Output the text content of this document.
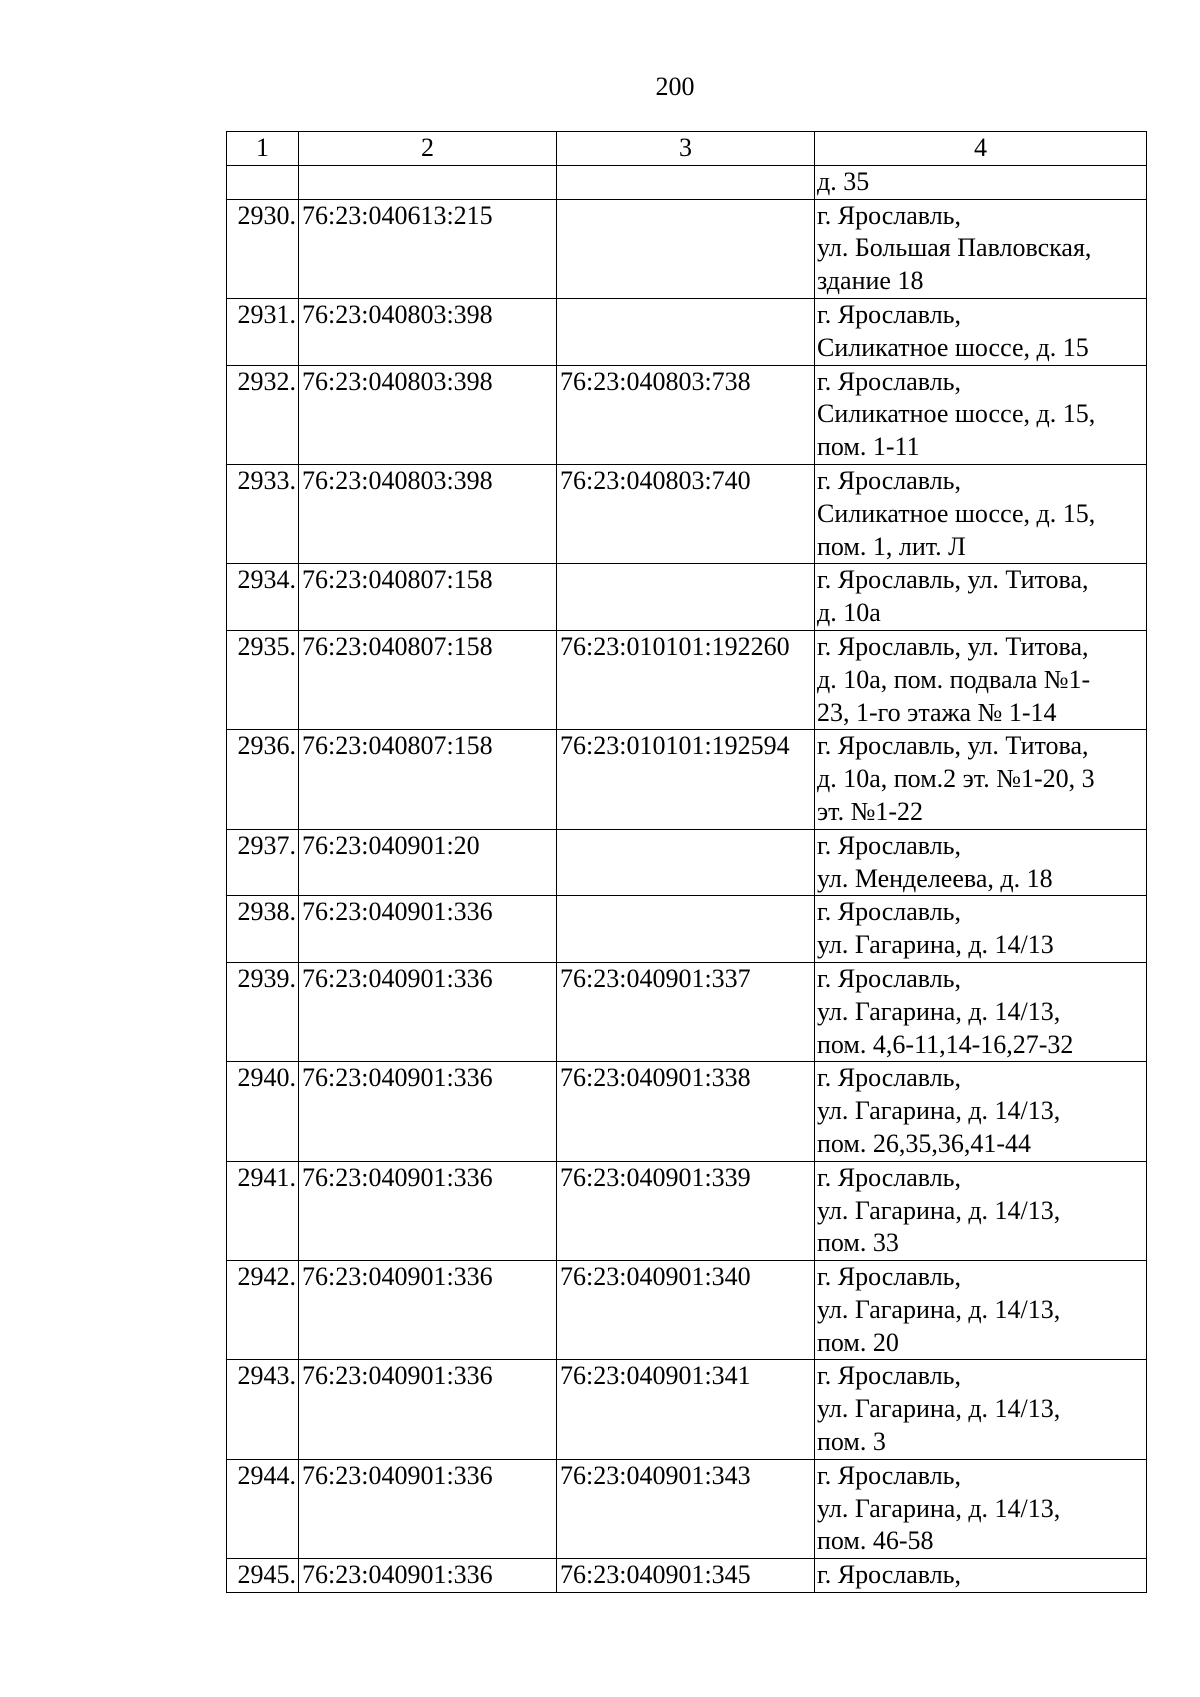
200
1	2	3	4
			д. 35
2930.	76:23:040613:215		г. Ярославль,
ул. Большая Павловская,
здание 18
2931.	76:23:040803:398		г. Ярославль,
Силикатное шоссе, д. 15
2932.	76:23:040803:398	76:23:040803:738	г. Ярославль,
Силикатное шоссе, д. 15,
пом. 1-11
2933.	76:23:040803:398	76:23:040803:740	г. Ярославль,
Силикатное шоссе, д. 15,
пом. 1, лит. Л
2934.	76:23:040807:158		г. Ярославль, ул. Титова,
д. 10а
2935.	76:23:040807:158	76:23:010101:192260	г. Ярославль, ул. Титова,
д. 10а, пом. подвала №1-
23, 1-го этажа № 1-14
2936.	76:23:040807:158	76:23:010101:192594	г. Ярославль, ул. Титова,
д. 10а, пом.2 эт. №1-20, 3
эт. №1-22
2937.	76:23:040901:20		г. Ярославль,
ул. Менделеева, д. 18
2938.	76:23:040901:336		г. Ярославль,
ул. Гагарина, д. 14/13
2939.	76:23:040901:336	76:23:040901:337	г. Ярославль,
ул. Гагарина, д. 14/13,
пом. 4,6-11,14-16,27-32
2940.	76:23:040901:336	76:23:040901:338	г. Ярославль,
ул. Гагарина, д. 14/13,
пом. 26,35,36,41-44
2941.	76:23:040901:336	76:23:040901:339	г. Ярославль,
ул. Гагарина, д. 14/13,
пом. 33
2942.	76:23:040901:336	76:23:040901:340	г. Ярославль,
ул. Гагарина, д. 14/13,
пом. 20
2943.	76:23:040901:336	76:23:040901:341	г. Ярославль,
ул. Гагарина, д. 14/13,
пом. 3
2944.	76:23:040901:336	76:23:040901:343	г. Ярославль,
ул. Гагарина, д. 14/13,
пом. 46-58
2945.	76:23:040901:336	76:23:040901:345	г. Ярославль,
